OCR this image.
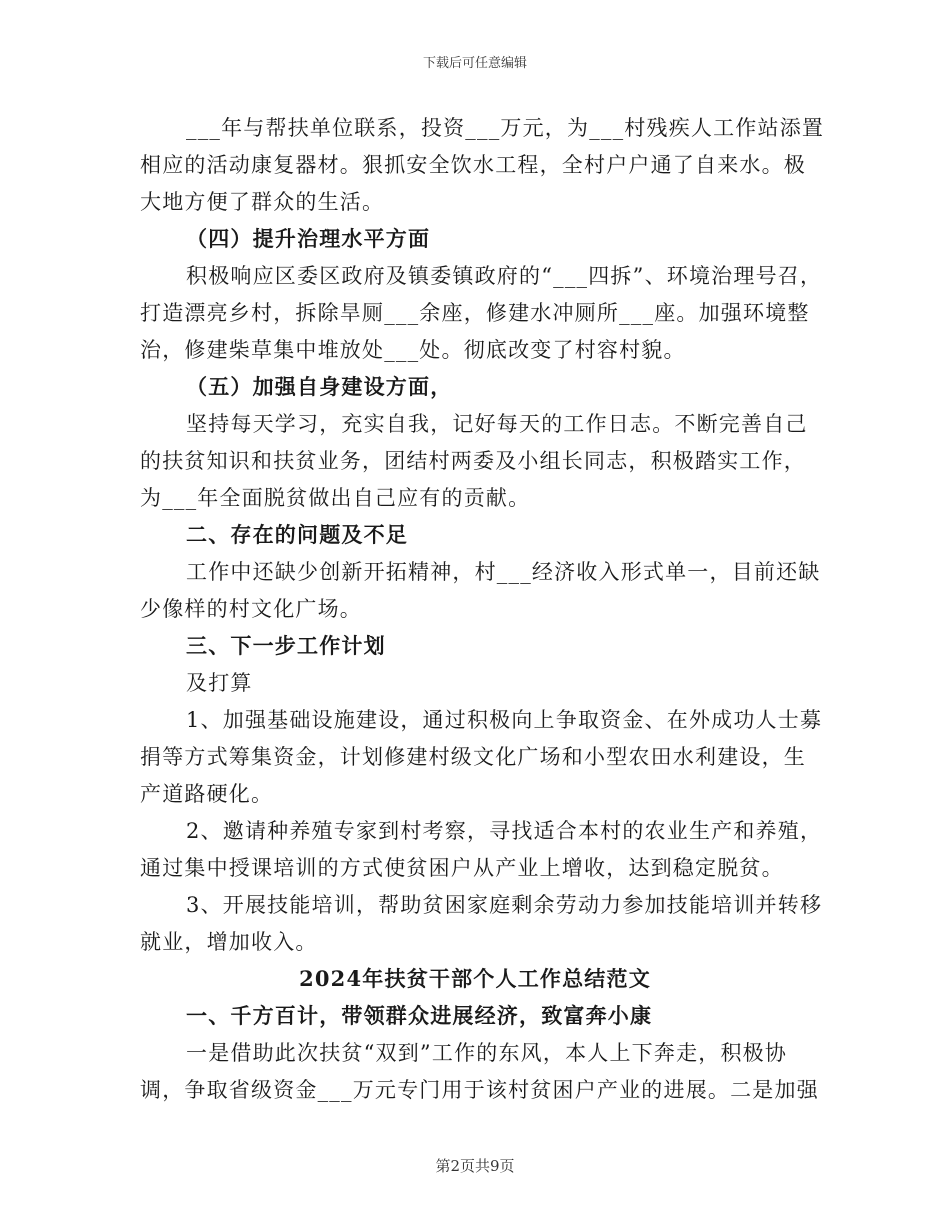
下载后可任意编辑
___年与帮扶单位联系，投资___万元，为___村残疾人工作站添置
相应的活动康复器材。狠抓安全饮水工程，全村户户通了自来水。极
大地方便了群众的生活。
（四）提升治理水平方面
积极响应区委区政府及镇委镇政府的“___四拆”、环境治理号召，
打造漂亮乡村，拆除旱厕___余座，修建水冲厕所___座。加强环境整
治，修建柴草集中堆放处___处。彻底改变了村容村貌。
（五）加强自身建设方面，
坚持每天学习，充实自我，记好每天的工作日志。不断完善自己
的扶贫知识和扶贫业务，团结村两委及小组长同志，积极踏实工作，
为___年全面脱贫做出自己应有的贡献。
二、存在的问题及不足
工作中还缺少创新开拓精神，村___经济收入形式单一，目前还缺
少像样的村文化广场。
三、下一步工作计划
及打算
1、加强基础设施建设，通过积极向上争取资金、在外成功人士募
捐等方式筹集资金，计划修建村级文化广场和小型农田水利建设，生
产道路硬化。
2、邀请种养殖专家到村考察，寻找适合本村的农业生产和养殖，
通过集中授课培训的方式使贫困户从产业上增收，达到稳定脱贫。
3、开展技能培训，帮助贫困家庭剩余劳动力参加技能培训并转移
就业，增加收入。
2024年扶贫干部个人工作总结范文
一、千方百计，带领群众进展经济，致富奔小康
一是借助此次扶贫“双到”工作的东风，本人上下奔走，积极协
调，争取省级资金___万元专门用于该村贫困户产业的进展。二是加强
第2页共9页
